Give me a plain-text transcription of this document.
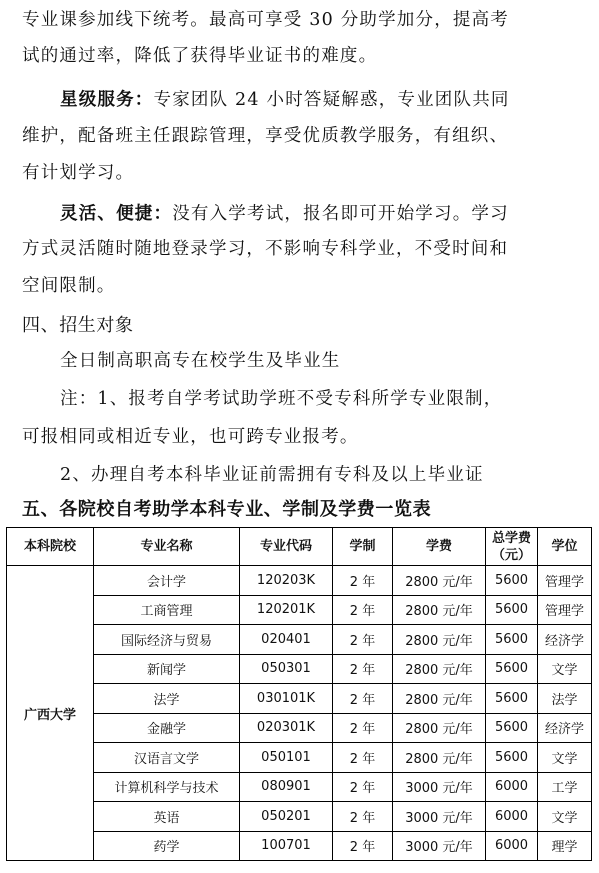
专业课参加线下统考。最高可享受 30 分助学加分，提高考
试的通过率，降低了获得毕业证书的难度。
星级服务：专家团队 24 小时答疑解惑，专业团队共同
维护，配备班主任跟踪管理，享受优质教学服务，有组织、
有计划学习。
灵活、便捷：没有入学考试，报名即可开始学习。学习
方式灵活随时随地登录学习，不影响专科学业，不受时间和
空间限制。
四、招生对象
全日制高职高专在校学生及毕业生
注：1、报考自学考试助学班不受专科所学专业限制，
可报相同或相近专业，也可跨专业报考。
2、办理自考本科毕业证前需拥有专科及以上毕业证
五、各院校自考助学本科专业、学制及学费一览表
本科院校	专业名称	专业代码	学制	学费	总学费（元）	学位
广西大学	会计学	120203K	2 年	2800 元/年	5600	管理学
	工商管理	120201K	2 年	2800 元/年	5600	管理学
	国际经济与贸易	020401	2 年	2800 元/年	5600	经济学
	新闻学	050301	2 年	2800 元/年	5600	文学
	法学	030101K	2 年	2800 元/年	5600	法学
	金融学	020301K	2 年	2800 元/年	5600	经济学
	汉语言文学	050101	2 年	2800 元/年	5600	文学
	计算机科学与技术	080901	2 年	3000 元/年	6000	工学
	英语	050201	2 年	3000 元/年	6000	文学
	药学	100701	2 年	3000 元/年	6000	理学
